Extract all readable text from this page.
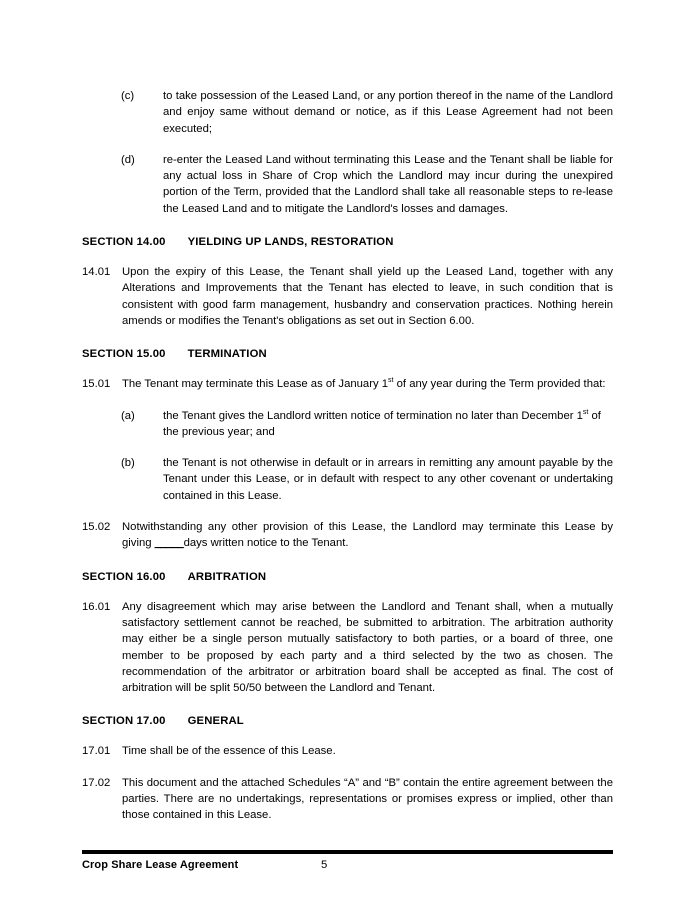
(c)	to take possession of the Leased Land, or any portion thereof in the name of the Landlord and enjoy same without demand or notice, as if this Lease Agreement had not been executed;
(d)	re-enter the Leased Land without terminating this Lease and the Tenant shall be liable for any actual loss in Share of Crop which the Landlord may incur during the unexpired portion of the Term, provided that the Landlord shall take all reasonable steps to re-lease the Leased Land and to mitigate the Landlord's losses and damages.
SECTION 14.00 YIELDING UP LANDS, RESTORATION
14.01	Upon the expiry of this Lease, the Tenant shall yield up the Leased Land, together with any Alterations and Improvements that the Tenant has elected to leave, in such condition that is consistent with good farm management, husbandry and conservation practices. Nothing herein amends or modifies the Tenant's obligations as set out in Section 6.00.
SECTION 15.00 TERMINATION
15.01	The Tenant may terminate this Lease as of January 1st of any year during the Term provided that:
(a)	the Tenant gives the Landlord written notice of termination no later than December 1st of the previous year; and
(b)	the Tenant is not otherwise in default or in arrears in remitting any amount payable by the Tenant under this Lease, or in default with respect to any other covenant or undertaking contained in this Lease.
15.02	Notwithstanding any other provision of this Lease, the Landlord may terminate this Lease by giving _____days written notice to the Tenant.
SECTION 16.00 ARBITRATION
16.01	Any disagreement which may arise between the Landlord and Tenant shall, when a mutually satisfactory settlement cannot be reached, be submitted to arbitration. The arbitration authority may either be a single person mutually satisfactory to both parties, or a board of three, one member to be proposed by each party and a third selected by the two as chosen. The recommendation of the arbitrator or arbitration board shall be accepted as final. The cost of arbitration will be split 50/50 between the Landlord and Tenant.
SECTION 17.00 GENERAL
17.01	Time shall be of the essence of this Lease.
17.02	This document and the attached Schedules “A” and “B” contain the entire agreement between the parties. There are no undertakings, representations or promises express or implied, other than those contained in this Lease.
Crop Share Lease Agreement	5
